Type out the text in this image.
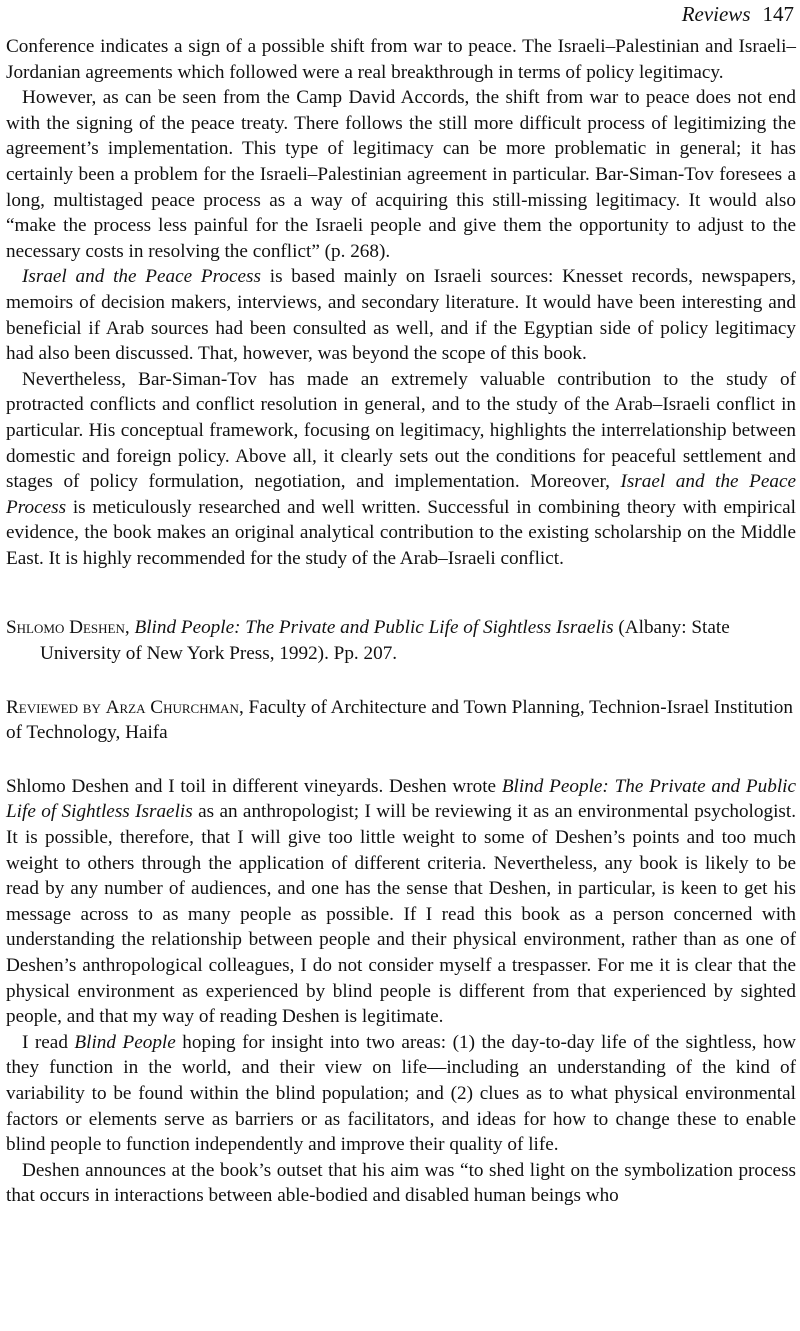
Reviews 147

Conference indicates a sign of a possible shift from war to peace. The Israeli–Palestinian and Israeli–Jordanian agreements which followed were a real breakthrough in terms of policy legitimacy.

However, as can be seen from the Camp David Accords, the shift from war to peace does not end with the signing of the peace treaty. There follows the still more difficult process of legitimizing the agreement’s implementation. This type of legitimacy can be more problematic in general; it has certainly been a problem for the Israeli–Palestinian agreement in particular. Bar-Siman-Tov foresees a long, multistaged peace process as a way of acquiring this still-missing legitimacy. It would also “make the process less painful for the Israeli people and give them the opportunity to adjust to the necessary costs in resolving the conflict” (p. 268).

Israel and the Peace Process is based mainly on Israeli sources: Knesset records, newspapers, memoirs of decision makers, interviews, and secondary literature. It would have been interesting and beneficial if Arab sources had been consulted as well, and if the Egyptian side of policy legitimacy had also been discussed. That, however, was beyond the scope of this book.

Nevertheless, Bar-Siman-Tov has made an extremely valuable contribution to the study of protracted conflicts and conflict resolution in general, and to the study of the Arab–Israeli conflict in particular. His conceptual framework, focusing on legitimacy, highlights the interrelationship between domestic and foreign policy. Above all, it clearly sets out the conditions for peaceful settlement and stages of policy formulation, negotiation, and implementation. Moreover, Israel and the Peace Process is meticulously researched and well written. Successful in combining theory with empirical evidence, the book makes an original analytical contribution to the existing scholarship on the Middle East. It is highly recommended for the study of the Arab–Israeli conflict.

Shlomo Deshen, Blind People: The Private and Public Life of Sightless Israelis (Albany: State University of New York Press, 1992). Pp. 207.

Reviewed by Arza Churchman, Faculty of Architecture and Town Planning, Technion-Israel Institution of Technology, Haifa

Shlomo Deshen and I toil in different vineyards. Deshen wrote Blind People: The Private and Public Life of Sightless Israelis as an anthropologist; I will be reviewing it as an environmental psychologist. It is possible, therefore, that I will give too little weight to some of Deshen’s points and too much weight to others through the application of different criteria. Nevertheless, any book is likely to be read by any number of audiences, and one has the sense that Deshen, in particular, is keen to get his message across to as many people as possible. If I read this book as a person concerned with understanding the relationship between people and their physical environment, rather than as one of Deshen’s anthropological colleagues, I do not consider myself a trespasser. For me it is clear that the physical environment as experienced by blind people is different from that experienced by sighted people, and that my way of reading Deshen is legitimate.

I read Blind People hoping for insight into two areas: (1) the day-to-day life of the sightless, how they function in the world, and their view on life—including an understanding of the kind of variability to be found within the blind population; and (2) clues as to what physical environmental factors or elements serve as barriers or as facilitators, and ideas for how to change these to enable blind people to function independently and improve their quality of life.

Deshen announces at the book’s outset that his aim was “to shed light on the symbolization process that occurs in interactions between able-bodied and disabled human beings who
